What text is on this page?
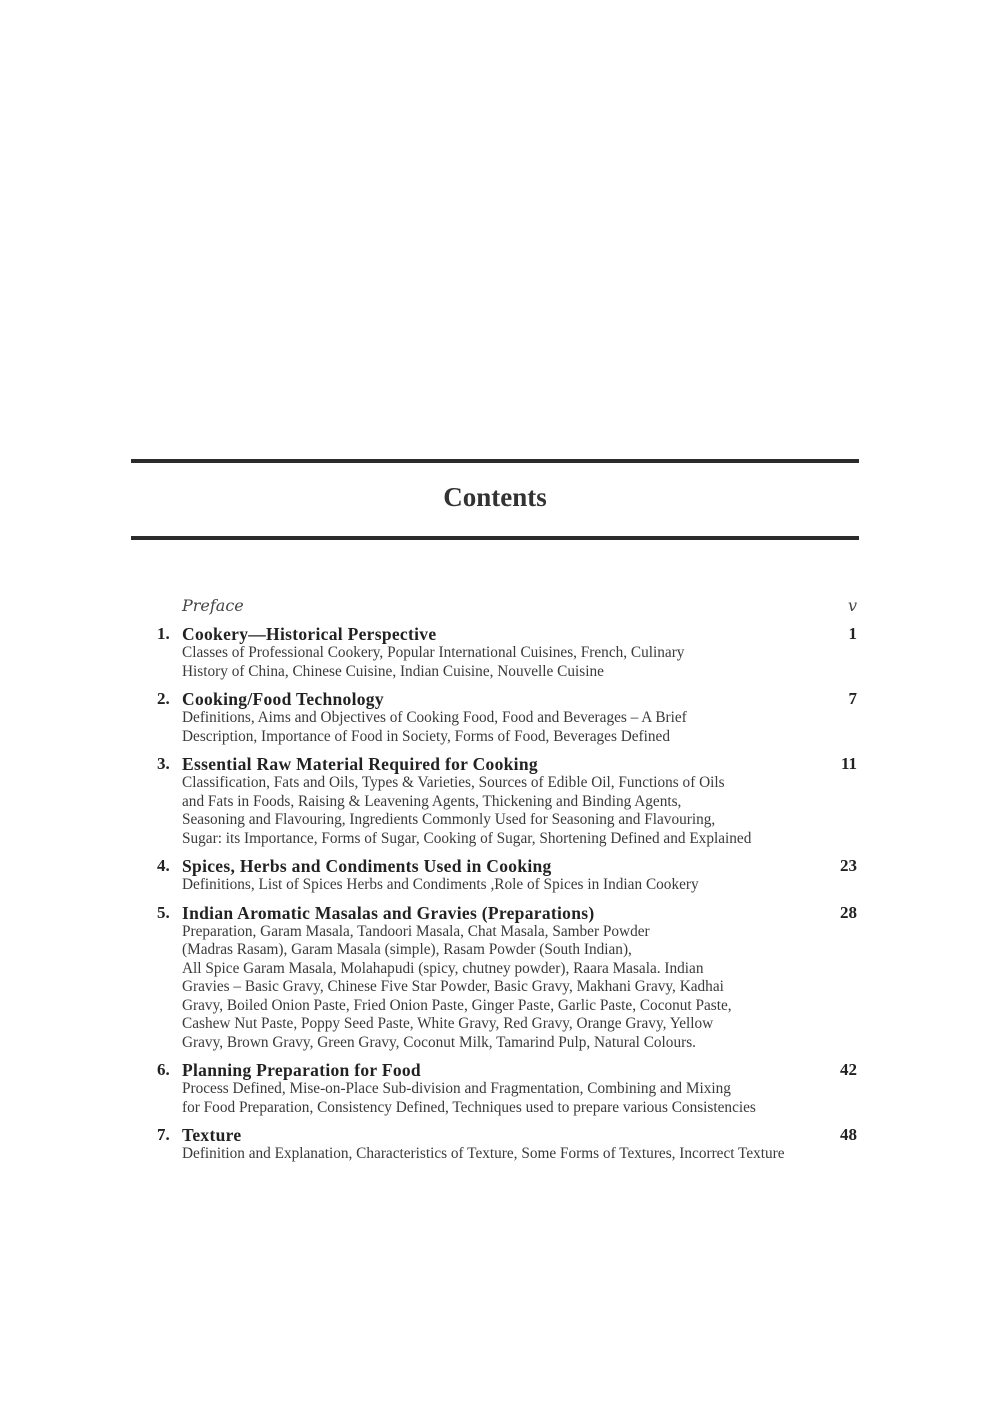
Contents
Preface	v
1. Cookery—Historical Perspective	1
Classes of Professional Cookery, Popular International Cuisines, French, Culinary
History of China, Chinese Cuisine, Indian Cuisine, Nouvelle Cuisine
2. Cooking/Food Technology	7
Definitions, Aims and Objectives of Cooking Food, Food and Beverages – A Brief
Description, Importance of Food in Society, Forms of Food, Beverages Defined
3. Essential Raw Material Required for Cooking	11
Classification, Fats and Oils, Types & Varieties, Sources of Edible Oil, Functions of Oils
and Fats in Foods, Raising & Leavening Agents, Thickening and Binding Agents,
Seasoning and Flavouring, Ingredients Commonly Used for Seasoning and Flavouring,
Sugar: its Importance, Forms of Sugar, Cooking of Sugar, Shortening Defined and Explained
4. Spices, Herbs and Condiments Used in Cooking	23
Definitions, List of Spices Herbs and Condiments ,Role of Spices in Indian Cookery
5. Indian Aromatic Masalas and Gravies (Preparations)	28
Preparation, Garam Masala, Tandoori Masala, Chat Masala, Samber Powder
(Madras Rasam), Garam Masala (simple), Rasam Powder (South Indian),
All Spice Garam Masala, Molahapudi (spicy, chutney powder), Raara Masala. Indian
Gravies – Basic Gravy, Chinese Five Star Powder, Basic Gravy, Makhani Gravy, Kadhai
Gravy, Boiled Onion Paste, Fried Onion Paste, Ginger Paste, Garlic Paste, Coconut Paste,
Cashew Nut Paste, Poppy Seed Paste, White Gravy, Red Gravy, Orange Gravy, Yellow
Gravy, Brown Gravy, Green Gravy, Coconut Milk, Tamarind Pulp, Natural Colours.
6. Planning Preparation for Food	42
Process Defined, Mise-on-Place Sub-division and Fragmentation, Combining and Mixing
for Food Preparation, Consistency Defined, Techniques used to prepare various Consistencies
7. Texture	48
Definition and Explanation, Characteristics of Texture, Some Forms of Textures, Incorrect Texture
